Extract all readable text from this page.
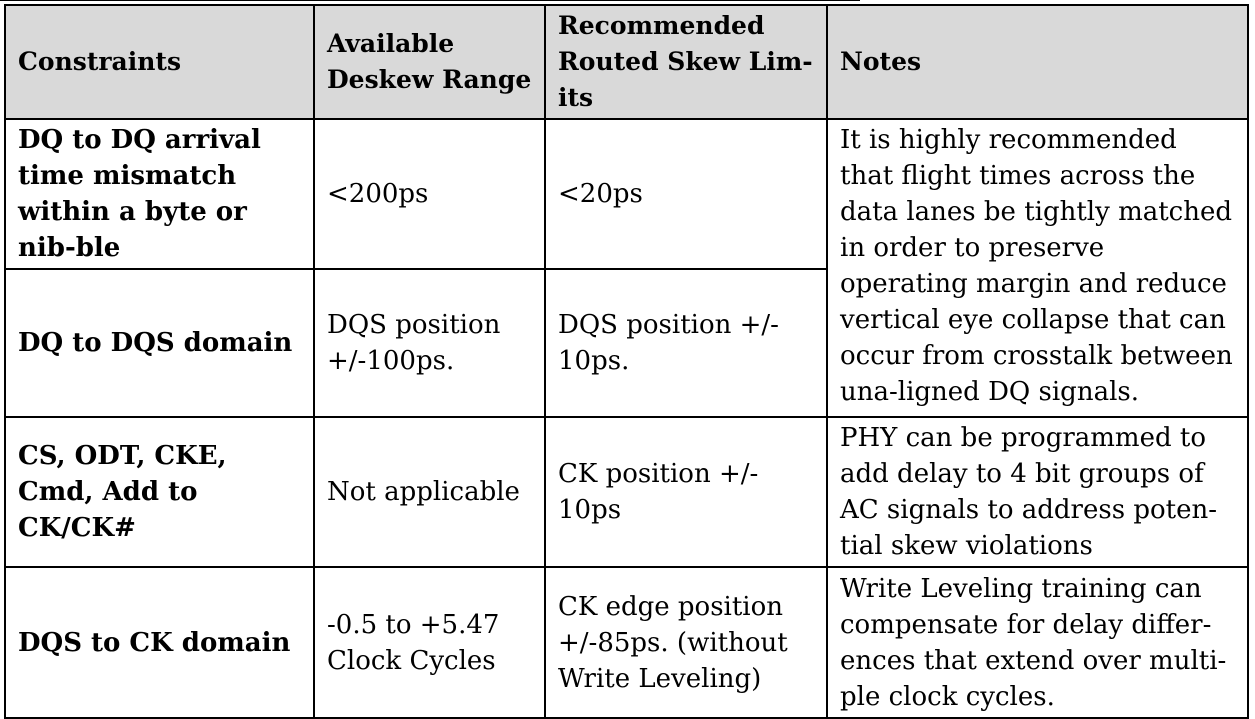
Constraints	Available Deskew Range	Recommended Routed Skew Lim-its	Notes
DQ to DQ arrival time mismatch within a byte or nib-ble	<200ps	<20ps	It is highly recommended that flight times across the data lanes be tightly matched in order to preserve operating margin and reduce vertical eye collapse that can occur from crosstalk between una-ligned DQ signals.
DQ to DQS domain	DQS position +/-100ps.	DQS position +/- 10ps.	
CS, ODT, CKE, Cmd, Add to CK/CK#	Not applicable	CK position +/- 10ps	PHY can be programmed to add delay to 4 bit groups of AC signals to address poten-tial skew violations
DQS to CK domain	-0.5 to +5.47 Clock Cycles	CK edge position +/-85ps. (without Write Leveling)	Write Leveling training can compensate for delay differ-ences that extend over multi-ple clock cycles.
